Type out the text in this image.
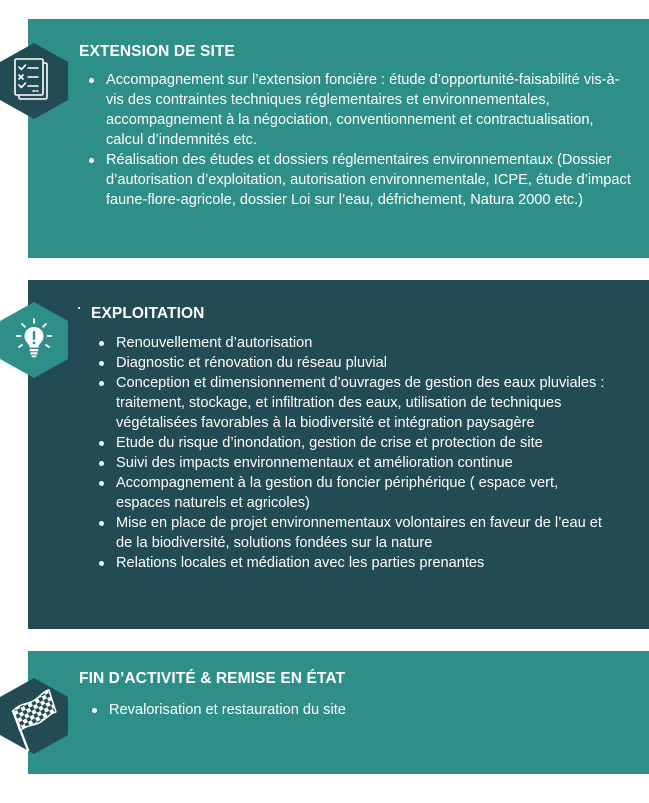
EXTENSION DE SITE
Accompagnement sur l’extension foncière : étude d’opportunité-faisabilité vis-à-vis des contraintes techniques réglementaires et environnementales, accompagnement à la négociation, conventionnement et contractualisation, calcul d’indemnités etc.
Réalisation des études et dossiers réglementaires environnementaux (Dossier d’autorisation d’exploitation, autorisation environnementale, ICPE, étude d’impact faune-flore-agricole, dossier Loi sur l’eau, défrichement, Natura 2000 etc.)
EXPLOITATION
Renouvellement d’autorisation
Diagnostic et rénovation du réseau pluvial
Conception et dimensionnement d’ouvrages de gestion des eaux pluviales : traitement, stockage, et infiltration des eaux, utilisation de techniques végétalisées favorables à la biodiversité et intégration paysagère
Etude du risque d’inondation, gestion de crise et protection de site
Suivi des impacts environnementaux et amélioration continue
Accompagnement à la gestion du foncier périphérique ( espace vert, espaces naturels et agricoles)
Mise en place de projet environnementaux volontaires en faveur de l’eau et de la biodiversité, solutions fondées sur la nature
Relations locales et médiation avec les parties prenantes
FIN D’ACTIVITÉ & REMISE EN ÉTAT
Revalorisation et restauration du site
